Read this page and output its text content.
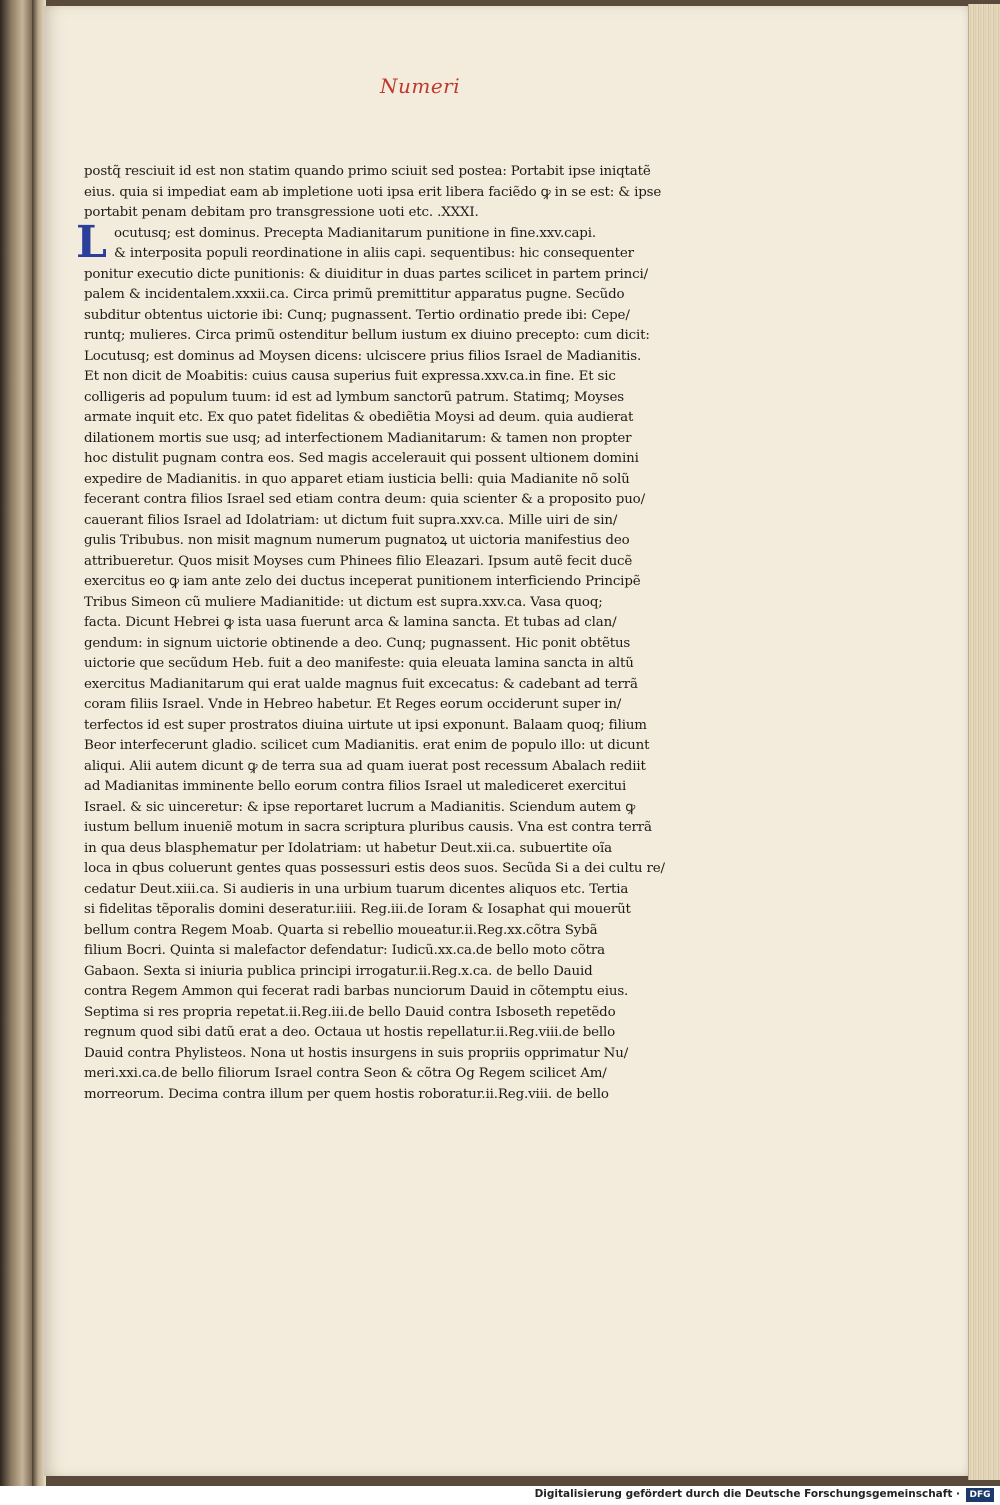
Numeri
L
postq̃ resciuit id est non statim quando primo sciuit sed postea: Portabit ipse iniqtatẽ
eius. quia si impediat eam ab impletione uoti ipsa erit libera faciẽdo ꝙ in se est: & ipse
portabit penam debitam pro transgressione uoti etc. .XXXI.
ocutusq; est dominus. Precepta Madianitarum punitione in fine.xxv.capi.
& interposita populi reordinatione in aliis capi. sequentibus: hic consequenter
ponitur executio dicte punitionis: & diuiditur in duas partes scilicet in partem princi/
palem & incidentalem.xxxii.ca. Circa primũ premittitur apparatus pugne. Secũdo
subditur obtentus uictorie ibi: Cunq; pugnassent. Tertio ordinatio prede ibi: Cepe/
runtq; mulieres. Circa primũ ostenditur bellum iustum ex diuino precepto: cum dicit:
Locutusq; est dominus ad Moysen dicens: ulciscere prius filios Israel de Madianitis.
Et non dicit de Moabitis: cuius causa superius fuit expressa.xxv.ca.in fine. Et sic
colligeris ad populum tuum: id est ad lymbum sanctorũ patrum. Statimq; Moyses
armate inquit etc. Ex quo patet fidelitas & obediẽtia Moysi ad deum. quia audierat
dilationem mortis sue usq; ad interfectionem Madianitarum: & tamen non propter
hoc distulit pugnam contra eos. Sed magis accelerauit qui possent ultionem domini
expedire de Madianitis. in quo apparet etiam iusticia belli: quia Madianite nõ solũ
fecerant contra filios Israel sed etiam contra deum: quia scienter & a proposito puo/
cauerant filios Israel ad Idolatriam: ut dictum fuit supra.xxv.ca. Mille uiri de sin/
gulis Tribubus. non misit magnum numerum pugnatoꝝ ut uictoria manifestius deo
attribueretur. Quos misit Moyses cum Phinees filio Eleazari. Ipsum autẽ fecit ducẽ
exercitus eo ꝙ iam ante zelo dei ductus inceperat punitionem interficiendo Principẽ
Tribus Simeon cũ muliere Madianitide: ut dictum est supra.xxv.ca. Vasa quoq;
facta. Dicunt Hebrei ꝙ ista uasa fuerunt arca & lamina sancta. Et tubas ad clan/
gendum: in signum uictorie obtinende a deo. Cunq; pugnassent. Hic ponit obtẽtus
uictorie que secũdum Heb. fuit a deo manifeste: quia eleuata lamina sancta in altũ
exercitus Madianitarum qui erat ualde magnus fuit excecatus: & cadebant ad terrã
coram filiis Israel. Vnde in Hebreo habetur. Et Reges eorum occiderunt super in/
terfectos id est super prostratos diuina uirtute ut ipsi exponunt. Balaam quoq; filium
Beor interfecerunt gladio. scilicet cum Madianitis. erat enim de populo illo: ut dicunt
aliqui. Alii autem dicunt ꝙ de terra sua ad quam iuerat post recessum Abalach rediit
ad Madianitas imminente bello eorum contra filios Israel ut malediceret exercitui
Israel. & sic uinceretur: & ipse reportaret lucrum a Madianitis. Sciendum autem ꝙ
iustum bellum inueniẽ motum in sacra scriptura pluribus causis. Vna est contra terrã
in qua deus blasphematur per Idolatriam: ut habetur Deut.xii.ca. subuertite oĩa
loca in qbus coluerunt gentes quas possessuri estis deos suos. Secũda Si a dei cultu re/
cedatur Deut.xiii.ca. Si audieris in una urbium tuarum dicentes aliquos etc. Tertia
si fidelitas tẽporalis domini deseratur.iiii. Reg.iii.de Ioram & Iosaphat qui mouerũt
bellum contra Regem Moab. Quarta si rebellio moueatur.ii.Reg.xx.cõtra Sybã
filium Bocri. Quinta si malefactor defendatur: Iudicũ.xx.ca.de bello moto cõtra
Gabaon. Sexta si iniuria publica principi irrogatur.ii.Reg.x.ca. de bello Dauid
contra Regem Ammon qui fecerat radi barbas nunciorum Dauid in cõtemptu eius.
Septima si res propria repetat.ii.Reg.iii.de bello Dauid contra Isboseth repetẽdo
regnum quod sibi datũ erat a deo. Octaua ut hostis repellatur.ii.Reg.viii.de bello
Dauid contra Phylisteos. Nona ut hostis insurgens in suis propriis opprimatur Nu/
meri.xxi.ca.de bello filiorum Israel contra Seon & cõtra Og Regem scilicet Am/
morreorum. Decima contra illum per quem hostis roboratur.ii.Reg.viii. de bello
Digitalisierung gefördert durch die Deutsche Forschungsgemeinschaft ·	DFG
